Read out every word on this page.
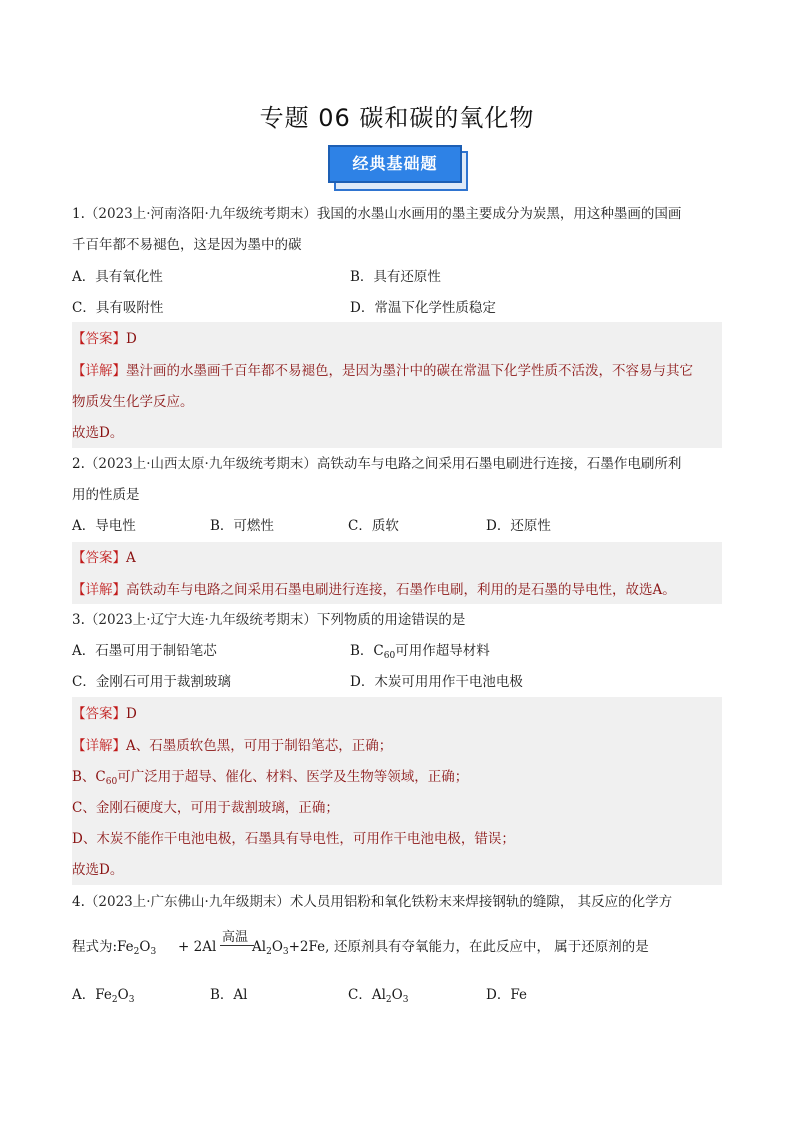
专题 06 碳和碳的氧化物
经典基础题
1.（2023上·河南洛阳·九年级统考期末）我国的水墨山水画用的墨主要成分为炭黑，用这种墨画的国画
千百年都不易褪色，这是因为墨中的碳
A．具有氧化性	B．具有还原性
C．具有吸附性	D．常温下化学性质稳定
【答案】D
【详解】墨汁画的水墨画千百年都不易褪色，是因为墨汁中的碳在常温下化学性质不活泼，不容易与其它
物质发生化学反应。
故选D。
2.（2023上·山西太原·九年级统考期末）高铁动车与电路之间采用石墨电刷进行连接，石墨作电刷所利
用的性质是
A．导电性	B．可燃性	C．质软	D．还原性
【答案】A
【详解】高铁动车与电路之间采用石墨电刷进行连接，石墨作电刷，利用的是石墨的导电性，故选A。
3.（2023上·辽宁大连·九年级统考期末）下列物质的用途错误的是
A．石墨可用于制铅笔芯	B．$C_{60}$可用作超导材料
C．金刚石可用于裁割玻璃	D．木炭可用用作干电池电极
【答案】D
【详解】A、石墨质软色黑，可用于制铅笔芯，正确；
B、$C_{60}$可广泛用于超导、催化、材料、医学及生物等领域，正确；
C、金刚石硬度大，可用于裁割玻璃，正确；
D、木炭不能作干电池电极，石墨具有导电性，可用作干电池电极，错误；
故选D。
4.（2023上·广东佛山·九年级期末）术人员用铝粉和氧化铁粉末来焊接钢轨的缝隙， 其反应的化学方
程式为$:Fe_2O_3$	+ 2Al
高温
$Al_2O_3+2Fe$, 还原剂具有夺氧能力，在此反应中， 属于还原剂的是
A．$Fe_2O_3$	B．Al	C．$Al_2O_3$	D．Fe
